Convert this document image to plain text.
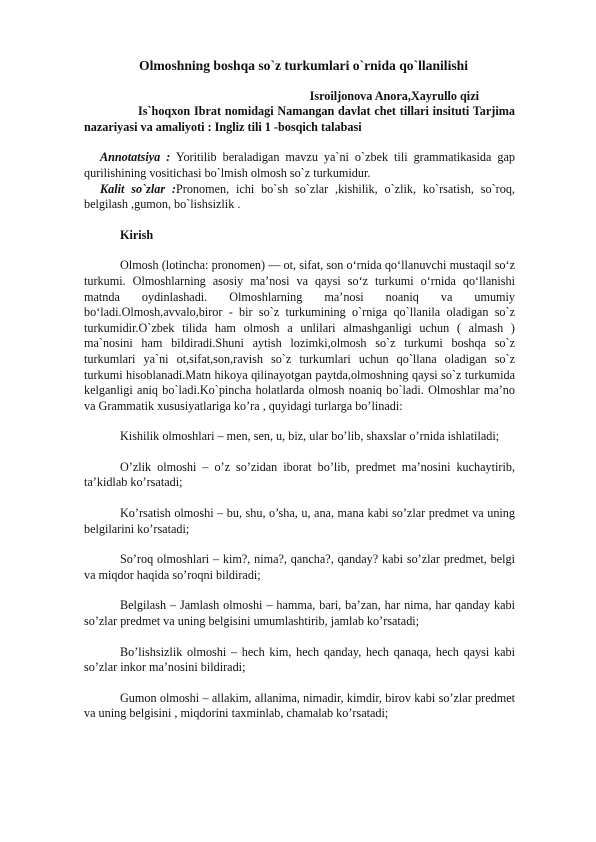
Olmoshning boshqa so`z turkumlari o`rnida qo`llanilishi

Isroiljonova Anora,Xayrullo qizi

Is`hoqxon Ibrat nomidagi Namangan davlat chet tillari insituti Tarjima nazariyasi va amaliyoti : Ingliz tili 1 -bosqich talabasi

Annotatsiya : Yoritilib beraladigan mavzu ya`ni o`zbek tili grammatikasida gap qurilishining vositichasi bo`lmish olmosh so`z turkumidur.

Kalit so`zlar :Pronomen, ichi bo`sh so`zlar ,kishilik, o`zlik, ko`rsatish, so`roq, belgilash ,gumon, bo`lishsizlik .

Kirish

Olmosh (lotincha: pronomen) — ot, sifat, son o‘rnida qo‘llanuvchi mustaqil so‘z turkumi. Olmoshlarning asosiy ma’nosi va qaysi so‘z turkumi o‘rnida qo‘llanishi matnda oydinlashadi. Olmoshlarning ma’nosi noaniq va umumiy bo‘ladi.Olmosh,avvalo,biror - bir so`z turkumining o`rniga qo`llanila oladigan so`z turkumidir.O`zbek tilida ham olmosh a unlilari almashganligi uchun ( almash ) ma`nosini ham bildiradi.Shuni aytish lozimki,olmosh so`z turkumi boshqa so`z turkumlari ya`ni ot,sifat,son,ravish so`z turkumlari uchun qo`llana oladigan so`z turkumi hisoblanadi.Matn hikoya qilinayotgan paytda,olmoshning qaysi so`z turkumida kelganligi aniq bo`ladi.Ko`pincha holatlarda olmosh noaniq bo`ladi. Olmoshlar ma’no va Grammatik xususiyatlariga ko’ra , quyidagi turlarga bo’linadi:

Kishilik olmoshlari – men, sen, u, biz, ular bo’lib, shaxslar o’rnida ishlatiladi;

O’zlik olmoshi – o’z so’zidan iborat bo’lib, predmet ma’nosini kuchaytirib, ta’kidlab ko’rsatadi;

Ko’rsatish olmoshi – bu, shu, o’sha, u, ana, mana kabi so’zlar predmet va uning belgilarini ko’rsatadi;

So’roq olmoshlari – kim?, nima?, qancha?, qanday? kabi so’zlar predmet, belgi va miqdor haqida so’roqni bildiradi;

Belgilash – Jamlash olmoshi – hamma, bari, ba’zan, har nima, har qanday kabi so’zlar predmet va uning belgisini umumlashtirib, jamlab ko’rsatadi;

Bo’lishsizlik olmoshi – hech kim, hech qanday, hech qanaqa, hech qaysi kabi so’zlar inkor ma’nosini bildiradi;

Gumon olmoshi – allakim, allanima, nimadir, kimdir, birov kabi so’zlar predmet va uning belgisini , miqdorini taxminlab, chamalab ko’rsatadi;
